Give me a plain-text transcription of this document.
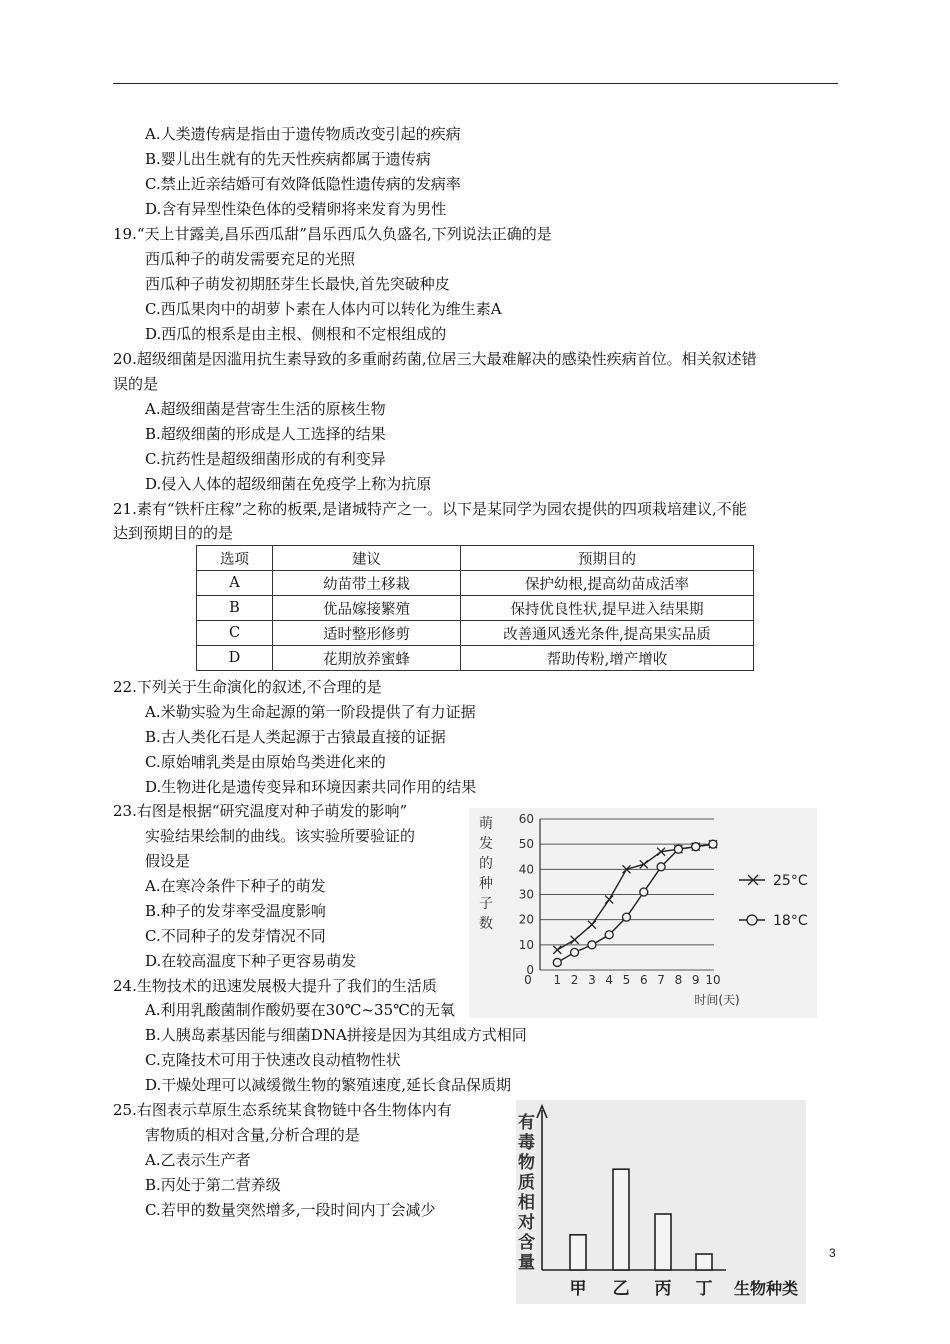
A.人类遗传病是指由于遗传物质改变引起的疾病
B.婴儿出生就有的先天性疾病都属于遗传病
C.禁止近亲结婚可有效降低隐性遗传病的发病率
D.含有异型性染色体的受精卵将来发育为男性
19.“天上甘露美,昌乐西瓜甜”昌乐西瓜久负盛名,下列说法正确的是
西瓜种子的萌发需要充足的光照
西瓜种子萌发初期胚芽生长最快,首先突破种皮
C.西瓜果肉中的胡萝卜素在人体内可以转化为维生素A
D.西瓜的根系是由主根、侧根和不定根组成的
20.超级细菌是因滥用抗生素导致的多重耐药菌,位居三大最难解决的感染性疾病首位。相关叙述错
误的是
A.超级细菌是营寄生生活的原核生物
B.超级细菌的形成是人工选择的结果
C.抗药性是超级细菌形成的有利变异
D.侵入人体的超级细菌在免疫学上称为抗原
21.素有“铁杆庄稼”之称的板栗,是诸城特产之一。以下是某同学为园农提供的四项栽培建议,不能
达到预期目的的是
选项	建议	预期目的
A	幼苗带土移栽	保护幼根,提高幼苗成活率
B	优品嫁接繁殖	保持优良性状,提早进入结果期
C	适时整形修剪	改善通风透光条件,提高果实品质
D	花期放养蜜蜂	帮助传粉,增产增收
22.下列关于生命演化的叙述,不合理的是
A.米勒实验为生命起源的第一阶段提供了有力证据
B.古人类化石是人类起源于古猿最直接的证据
C.原始哺乳类是由原始鸟类进化来的
D.生物进化是遗传变异和环境因素共同作用的结果
23.右图是根据“研究温度对种子萌发的影响”
实验结果绘制的曲线。该实验所要验证的
假设是
A.在寒冷条件下种子的萌发
B.种子的发芽率受温度影响
C.不同种子的发芽情况不同
D.在较高温度下种子更容易萌发
24.生物技术的迅速发展极大提升了我们的生活质
A.利用乳酸菌制作酸奶要在30℃~35℃的无氧
B.人胰岛素基因能与细菌DNA拼接是因为其组成方式相同
C.克隆技术可用于快速改良动植物性状
D.干燥处理可以减缓微生物的繁殖速度,延长食品保质期
25.右图表示草原生态系统某食物链中各生物体内有
害物质的相对含量,分析合理的是
A.乙表示生产者
B.丙处于第二营养级
C.若甲的数量突然增多,一段时间内丁会减少
3
萌
发
的
种
子
数
0
10
20
30
40
50
60
0 1 2 3 4 5 6 7 8 9 10
时间(天)
25°C
18°C
有
毒
物
质
相
对
含
量
甲 乙 丙 丁 生物种类
